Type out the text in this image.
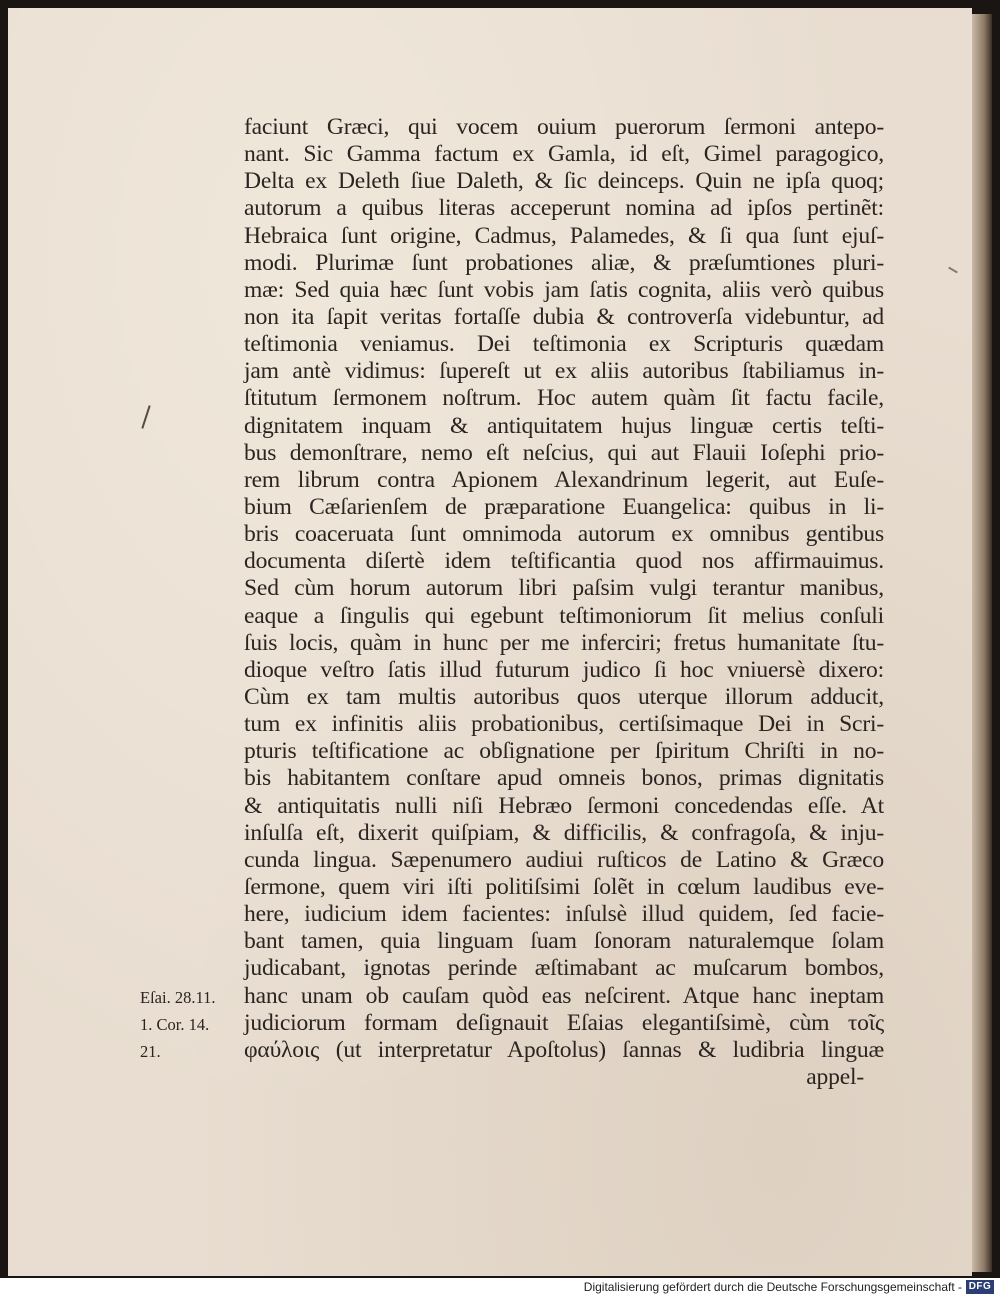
faciunt Græci, qui vocem ouium puerorum ſermoni antepo-
nant. Sic Gamma factum ex Gamla, id eſt, Gimel paragogico,
Delta ex Deleth ſiue Daleth, & ſic deinceps. Quin ne ipſa quoq;
autorum a quibus literas acceperunt nomina ad ipſos pertinẽt:
Hebraica ſunt origine, Cadmus, Palamedes, & ſi qua ſunt ejuſ-
modi. Plurimæ ſunt probationes aliæ, & præſumtiones pluri-
mæ: Sed quia hæc ſunt vobis jam ſatis cognita, aliis verò quibus
non ita ſapit veritas fortaſſe dubia & controverſa videbuntur, ad
teſtimonia veniamus. Dei teſtimonia ex Scripturis quædam
jam antè vidimus: ſupereſt ut ex aliis autoribus ſtabiliamus in-
ſtitutum ſermonem noſtrum. Hoc autem quàm ſit factu facile,
dignitatem inquam & antiquitatem hujus linguæ certis teſti-
bus demonſtrare, nemo eſt neſcius, qui aut Flauii Ioſephi prio-
rem librum contra Apionem Alexandrinum legerit, aut Euſe-
bium Cæſarienſem de præparatione Euangelica: quibus in li-
bris coaceruata ſunt omnimoda autorum ex omnibus gentibus
documenta diſertè idem teſtificantia quod nos affirmauimus.
Sed cùm horum autorum libri paſsim vulgi terantur manibus,
eaque a ſingulis qui egebunt teſtimoniorum ſit melius conſuli
ſuis locis, quàm in hunc per me inferciri; fretus humanitate ſtu-
dioque veſtro ſatis illud futurum judico ſi hoc vniuersè dixero:
Cùm ex tam multis autoribus quos uterque illorum adducit,
tum ex infinitis aliis probationibus, certiſsimaque Dei in Scri-
pturis teſtificatione ac obſignatione per ſpiritum Chriſti in no-
bis habitantem conſtare apud omneis bonos, primas dignitatis
& antiquitatis nulli niſi Hebræo ſermoni concedendas eſſe. At
inſulſa eſt, dixerit quiſpiam, & difficilis, & confragoſa, & inju-
cunda lingua. Sæpenumero audiui ruſticos de Latino & Græco
ſermone, quem viri iſti politiſsimi ſolẽt in cœlum laudibus eve-
here, iudicium idem facientes: inſulsè illud quidem, ſed facie-
bant tamen, quia linguam ſuam ſonoram naturalemque ſolam
judicabant, ignotas perinde æſtimabant ac muſcarum bombos,
hanc unam ob cauſam quòd eas neſcirent. Atque hanc ineptam
judiciorum formam deſignauit Eſaias elegantiſsimè, cùm τοῖς
φαύλοις (ut interpretatur Apoſtolus) ſannas & ludibria linguæ
appel-
Eſai. 28.11.
1. Cor. 14.
21.
Digitalisierung gefördert durch die Deutsche Forschungsgemeinschaft - DFG
